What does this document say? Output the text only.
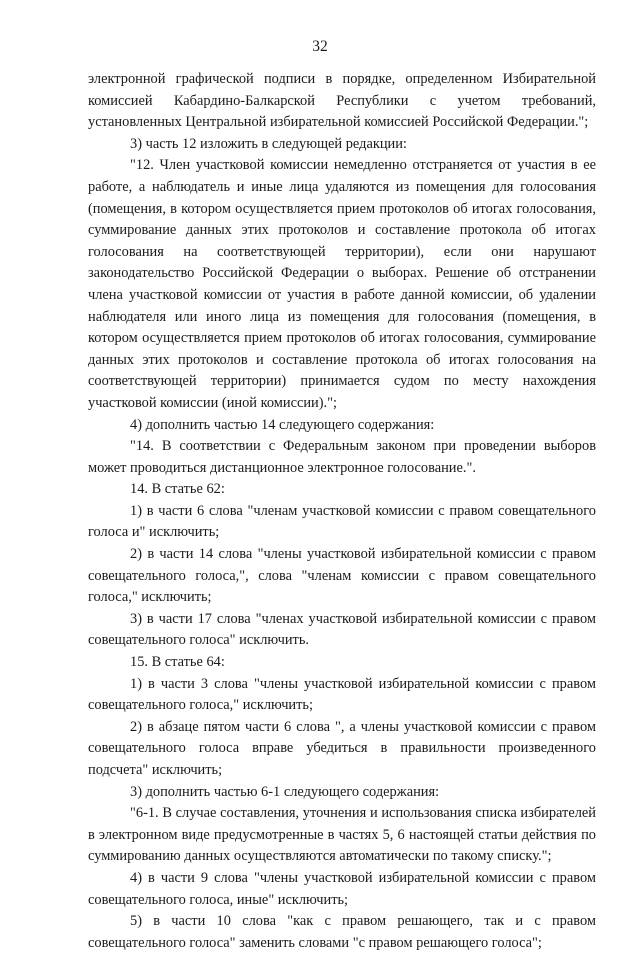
32

электронной графической подписи в порядке, определенном Избирательной комиссией Кабардино-Балкарской Республики с учетом требований, установленных Центральной избирательной комиссией Российской Федерации.";

3) часть 12 изложить в следующей редакции:

"12. Член участковой комиссии немедленно отстраняется от участия в ее работе, а наблюдатель и иные лица удаляются из помещения для голосования (помещения, в котором осуществляется прием протоколов об итогах голосования, суммирование данных этих протоколов и составление протокола об итогах голосования на соответствующей территории), если они нарушают законодательство Российской Федерации о выборах. Решение об отстранении члена участковой комиссии от участия в работе данной комиссии, об удалении наблюдателя или иного лица из помещения для голосования (помещения, в котором осуществляется прием протоколов об итогах голосования, суммирование данных этих протоколов и составление протокола об итогах голосования на соответствующей территории) принимается судом по месту нахождения участковой комиссии (иной комиссии).";

4) дополнить частью 14 следующего содержания:

"14. В соответствии с Федеральным законом при проведении выборов может проводиться дистанционное электронное голосование.".

14. В статье 62:

1) в части 6 слова "членам участковой комиссии с правом совещательного голоса и" исключить;

2) в части 14 слова "члены участковой избирательной комиссии с правом совещательного голоса,", слова "членам комиссии с правом совещательного голоса," исключить;

3) в части 17 слова "членах участковой избирательной комиссии с правом совещательного голоса" исключить.

15. В статье 64:

1) в части 3 слова "члены участковой избирательной комиссии с правом совещательного голоса," исключить;

2) в абзаце пятом части 6 слова ", а члены участковой комиссии с правом совещательного голоса вправе убедиться в правильности произведенного подсчета" исключить;

3) дополнить частью 6-1 следующего содержания:

"6-1. В случае составления, уточнения и использования списка избирателей в электронном виде предусмотренные в частях 5, 6 настоящей статьи действия по суммированию данных осуществляются автоматически по такому списку.";

4) в части 9 слова "члены участковой избирательной комиссии с правом совещательного голоса, иные" исключить;

5) в части 10 слова "как с правом решающего, так и с правом совещательного голоса" заменить словами "с правом решающего голоса";
